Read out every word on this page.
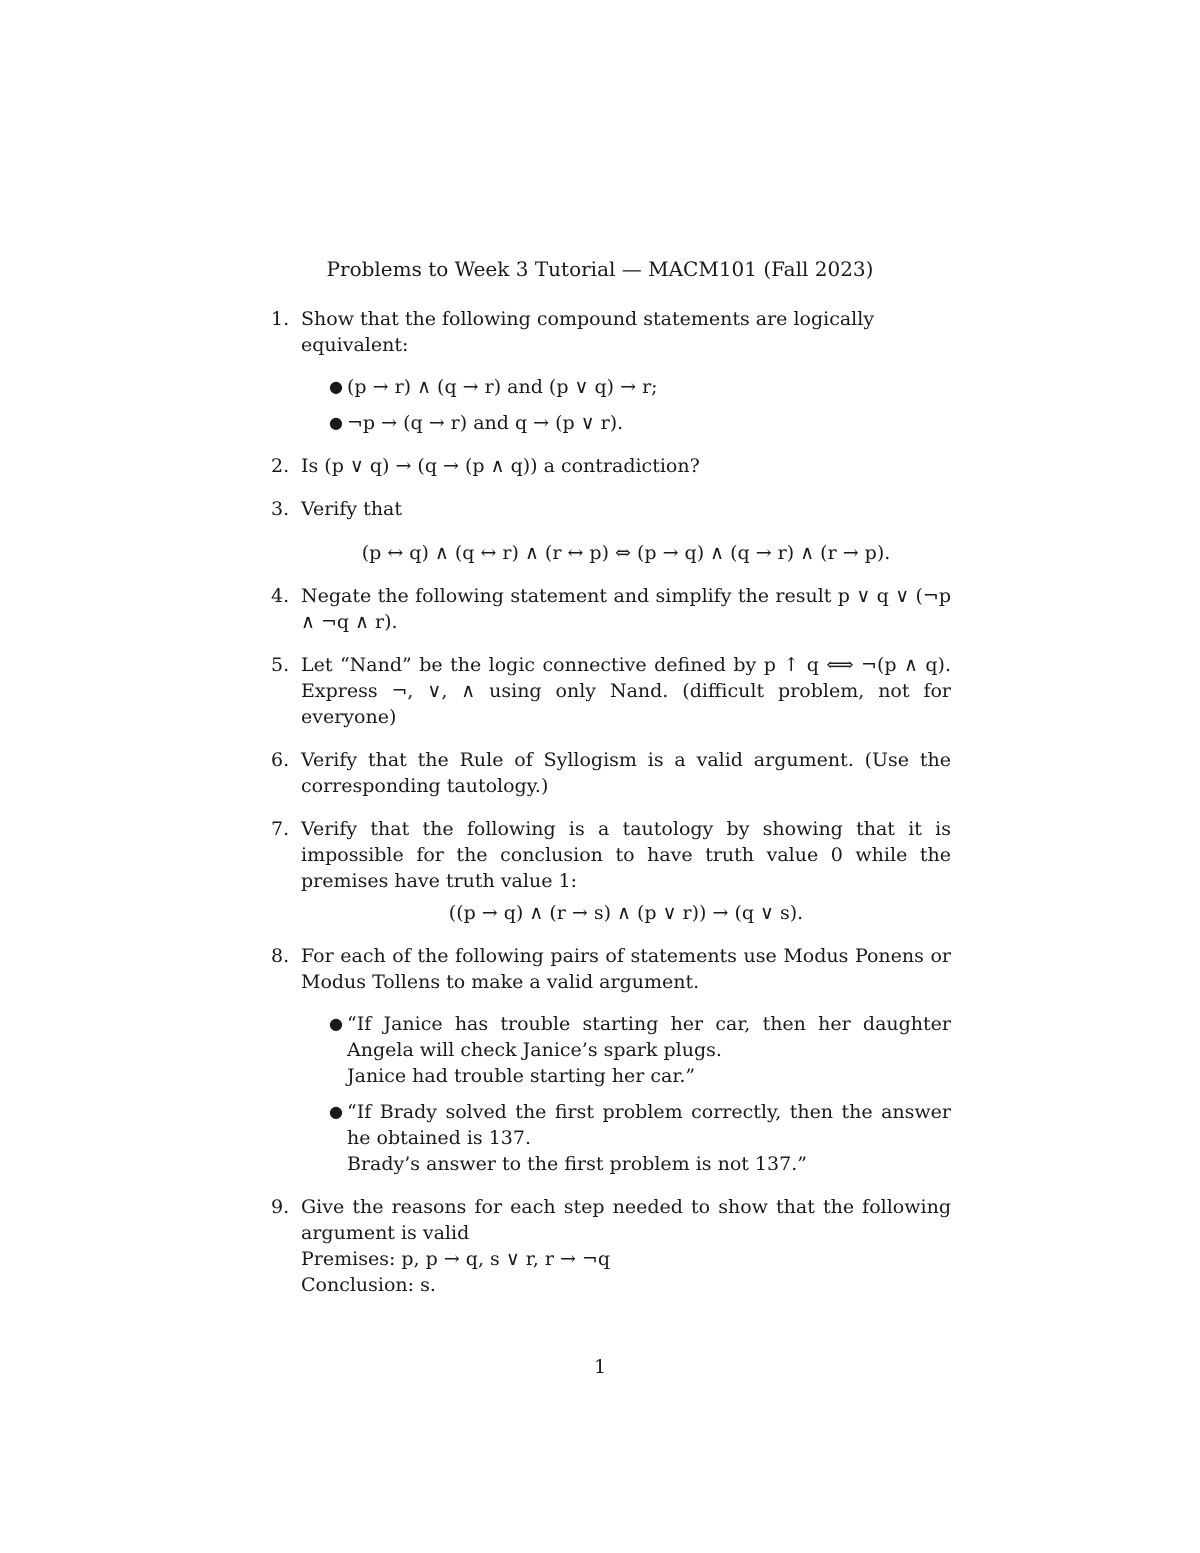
Problems to Week 3 Tutorial — MACM101 (Fall 2023)
1. Show that the following compound statements are logically equivalent:
● (p → r) ∧ (q → r) and (p ∨ q) → r;
● ¬p → (q → r) and q → (p ∨ r).
2. Is (p ∨ q) → (q → (p ∧ q)) a contradiction?
3. Verify that
(p ↔ q) ∧ (q ↔ r) ∧ (r ↔ p) ⇔ (p → q) ∧ (q → r) ∧ (r → p).
4. Negate the following statement and simplify the result p ∨ q ∨ (¬p ∧ ¬q ∧ r).
5. Let “Nand” be the logic connective defined by p ↑ q ⟺ ¬(p ∧ q). Express ¬, ∨, ∧ using only Nand. (difficult problem, not for everyone)
6. Verify that the Rule of Syllogism is a valid argument. (Use the corresponding tautology.)
7. Verify that the following is a tautology by showing that it is impossible for the conclusion to have truth value 0 while the premises have truth value 1:
((p → q) ∧ (r → s) ∧ (p ∨ r)) → (q ∨ s).
8. For each of the following pairs of statements use Modus Ponens or Modus Tollens to make a valid argument.
● “If Janice has trouble starting her car, then her daughter Angela will check Janice’s spark plugs.
Janice had trouble starting her car.”
● “If Brady solved the first problem correctly, then the answer he obtained is 137.
Brady’s answer to the first problem is not 137.”
9. Give the reasons for each step needed to show that the following argument is valid
Premises: p, p → q, s ∨ r, r → ¬q
Conclusion: s.
1
